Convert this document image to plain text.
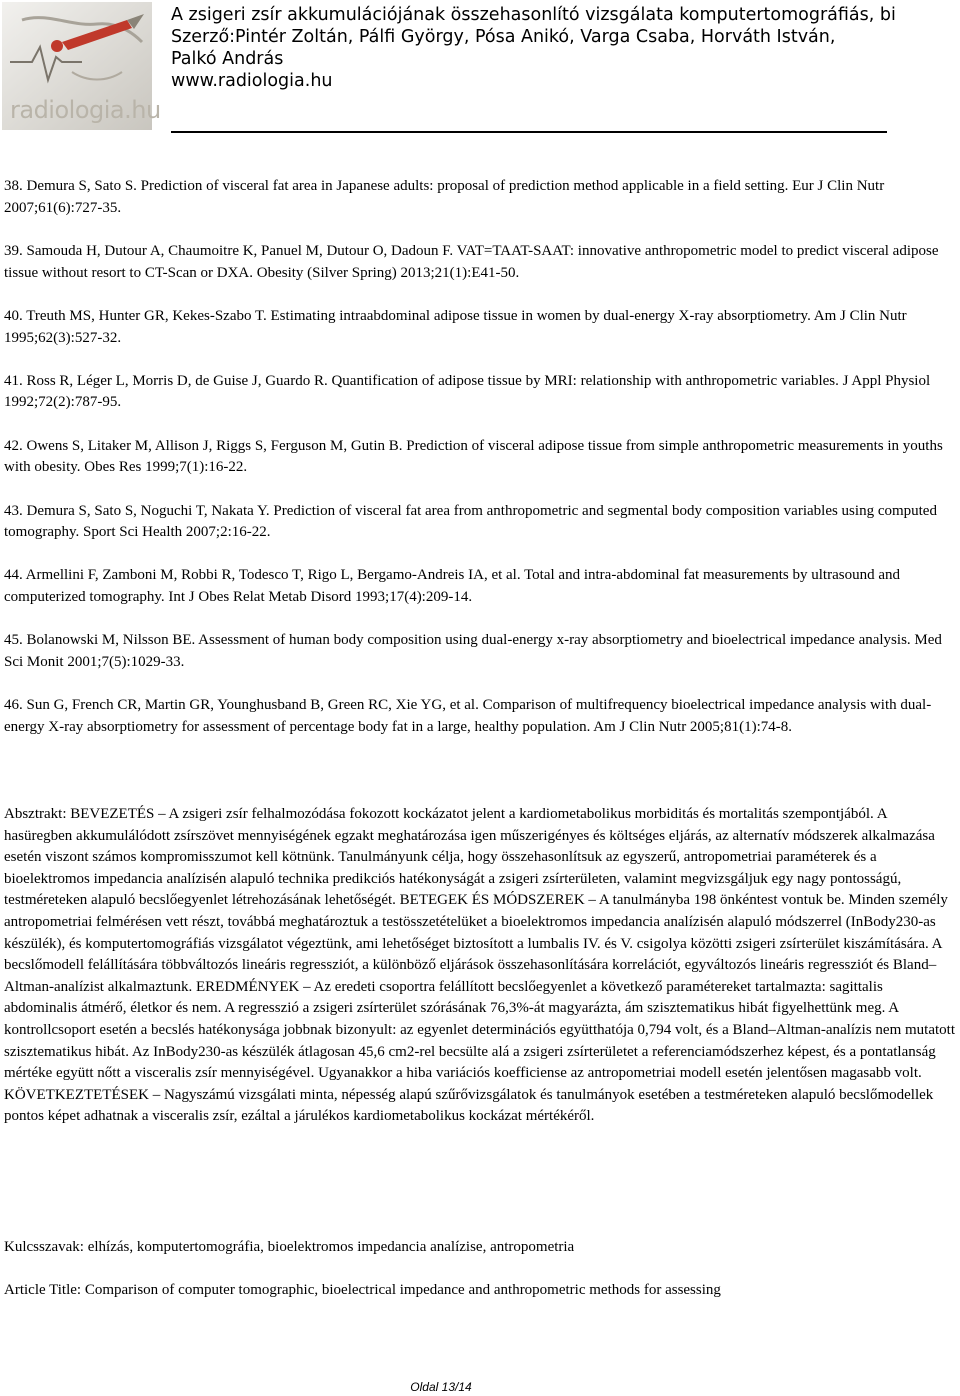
radiologia.hu
A zsigeri zsír akkumulációjának összehasonlító vizsgálata komputertomográfiás, bi
Szerző:Pintér Zoltán, Pálfi György, Pósa Anikó, Varga Csaba, Horváth István,
Palkó András
www.radiologia.hu

38. Demura S, Sato S. Prediction of visceral fat area in Japanese adults: proposal of prediction method applicable in a field setting. Eur J Clin Nutr 2007;61(6):727-35.

39. Samouda H, Dutour A, Chaumoitre K, Panuel M, Dutour O, Dadoun F. VAT=TAAT-SAAT: innovative anthropometric model to predict visceral adipose tissue without resort to CT-Scan or DXA. Obesity (Silver Spring) 2013;21(1):E41-50.

40. Treuth MS, Hunter GR, Kekes-Szabo T. Estimating intraabdominal adipose tissue in women by dual-energy X-ray absorptiometry. Am J Clin Nutr 1995;62(3):527-32.

41. Ross R, Léger L, Morris D, de Guise J, Guardo R. Quantification of adipose tissue by MRI: relationship with anthropometric variables. J Appl Physiol 1992;72(2):787-95.

42. Owens S, Litaker M, Allison J, Riggs S, Ferguson M, Gutin B. Prediction of visceral adipose tissue from simple anthropometric measurements in youths with obesity. Obes Res 1999;7(1):16-22.

43. Demura S, Sato S, Noguchi T, Nakata Y. Prediction of visceral fat area from anthropometric and segmental body composition variables using computed tomography. Sport Sci Health 2007;2:16-22.

44. Armellini F, Zamboni M, Robbi R, Todesco T, Rigo L, Bergamo-Andreis IA, et al. Total and intra-abdominal fat measurements by ultrasound and computerized tomography. Int J Obes Relat Metab Disord 1993;17(4):209-14.

45. Bolanowski M, Nilsson BE. Assessment of human body composition using dual-energy x-ray absorptiometry and bioelectrical impedance analysis. Med Sci Monit 2001;7(5):1029-33.

46. Sun G, French CR, Martin GR, Younghusband B, Green RC, Xie YG, et al. Comparison of multifrequency bioelectrical impedance analysis with dual-energy X-ray absorptiometry for assessment of percentage body fat in a large, healthy population. Am J Clin Nutr 2005;81(1):74-8.

Absztrakt: BEVEZETÉS – A zsigeri zsír felhalmozódása fokozott kockázatot jelent a kardiometabolikus morbiditás és mortalitás szempontjából. A hasüregben akkumulálódott zsírszövet mennyiségének egzakt meghatározása igen műszerigényes és költséges eljárás, az alternatív módszerek alkalmazása esetén viszont számos kompromisszumot kell kötnünk. Tanulmányunk célja, hogy összehasonlítsuk az egyszerű, antropometriai paraméterek és a bioelektromos impedancia analízisén alapuló technika predikciós hatékonyságát a zsigeri zsírterületen, valamint megvizsgáljuk egy nagy pontosságú, testméreteken alapuló becslőegyenlet létrehozásának lehetőségét. BETEGEK ÉS MÓDSZEREK – A tanulmányba 198 önkéntest vontuk be. Minden személy antropometriai felmérésen vett részt, továbbá meghatároztuk a testösszetételüket a bioelektromos impedancia analízisén alapuló módszerrel (InBody230-as készülék), és komputertomográfiás vizsgálatot végeztünk, ami lehetőséget biztosított a lumbalis IV. és V. csigolya közötti zsigeri zsírterület kiszámítására. A becslőmodell felállítására többváltozós lineáris regressziót, a különböző eljárások összehasonlítására korrelációt, egyváltozós lineáris regressziót és Bland–Altman-analízist alkalmaztunk. EREDMÉNYEK – Az eredeti csoportra felállított becslőegyenlet a következő paramétereket tartalmazta: sagittalis abdominalis átmérő, életkor és nem. A regresszió a zsigeri zsírterület szórásának 76,3%-át magyarázta, ám szisztematikus hibát figyelhettünk meg. A kontrollcsoport esetén a becslés hatékonysága jobbnak bizonyult: az egyenlet determinációs együtthatója 0,794 volt, és a Bland–Altman-analízis nem mutatott szisztematikus hibát. Az InBody230-as készülék átlagosan 45,6 cm2-rel becsülte alá a zsigeri zsírterületet a referenciamódszerhez képest, és a pontatlanság mértéke együtt nőtt a visceralis zsír mennyiségével. Ugyanakkor a hiba variációs koefficiense az antropometriai modell esetén jelentősen magasabb volt. KÖVETKEZTETÉSEK – Nagyszámú vizsgálati minta, népesség alapú szűrővizsgálatok és tanulmányok esetében a testméreteken alapuló becslőmodellek pontos képet adhatnak a visceralis zsír, ezáltal a járulékos kardiometabolikus kockázat mértékéről.
Kulcsszavak: elhízás, komputertomográfia, bioelektromos impedancia analízise, antropometria
Article Title: Comparison of computer tomographic, bioelectrical impedance and anthropometric methods for assessing
Oldal 13/14
